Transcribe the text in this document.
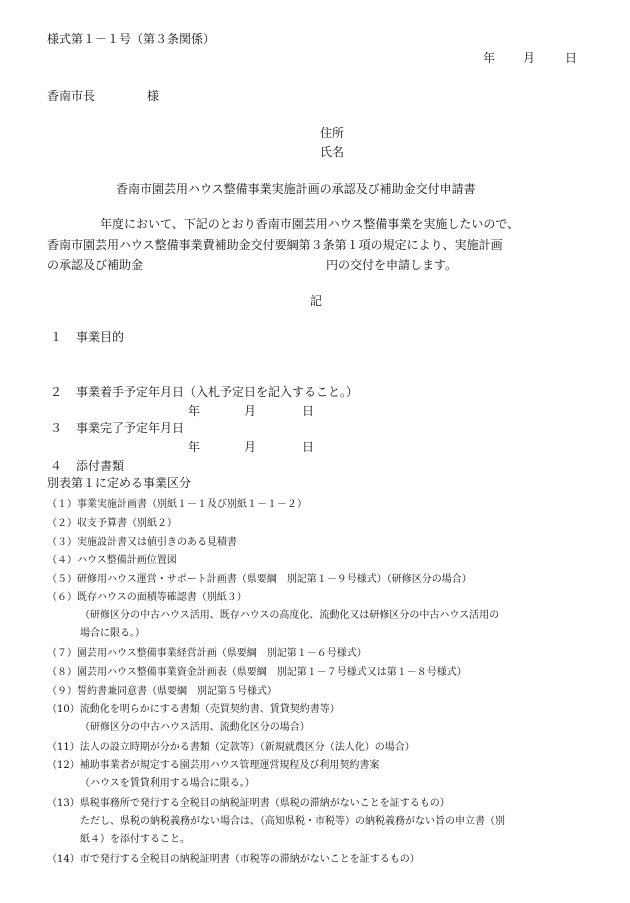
様式第１－１号（第３条関係）
年 月 日
香南市長	様
住所
氏名
香南市園芸用ハウス整備事業実施計画の承認及び補助金交付申請書
年度において、下記のとおり香南市園芸用ハウス整備事業を実施したいので、
香南市園芸用ハウス整備事業費補助金交付要綱第３条第１項の規定により、実施計画
の承認及び補助金	円の交付を申請します。
記
１ 事業目的
２ 事業着手予定年月日（入札予定日を記入すること。）
年	月	日
３ 事業完了予定年月日
年	月	日
４ 添付書類
別表第１に定める事業区分
（１）事業実施計画書（別紙１－１及び別紙１－１－２）
（２）収支予算書（別紙２）
（３）実施設計書又は値引きのある見積書
（４）ハウス整備計画位置図
（５）研修用ハウス運営・サポート計画書（県要綱　別記第１－９号様式）（研修区分の場合）
（６）既存ハウスの面積等確認書（別紙３）
（研修区分の中古ハウス活用、既存ハウスの高度化、流動化又は研修区分の中古ハウス活用の
場合に限る。）
（７）園芸用ハウス整備事業経営計画（県要綱　別記第１－６号様式）
（８）園芸用ハウス整備事業資金計画表（県要綱　別記第１－７号様式又は第１－８号様式）
（９）誓約書兼同意書（県要綱　別記第５号様式）
（10）流動化を明らかにする書類（売買契約書、賃貸契約書等）
（研修区分の中古ハウス活用、流動化区分の場合）
（11）法人の設立時期が分かる書類（定款等）（新規就農区分（法人化）の場合）
（12）補助事業者が規定する園芸用ハウス管理運営規程及び利用契約書案
（ハウスを賃貸利用する場合に限る。）
（13）県税事務所で発行する全税目の納税証明書（県税の滞納がないことを証するもの）
ただし、県税の納税義務がない場合は、（高知県税・市税等）の納税義務がない旨の申立書（別
紙４）を添付すること。
（14）市で発行する全税目の納税証明書（市税等の滞納がないことを証するもの）
